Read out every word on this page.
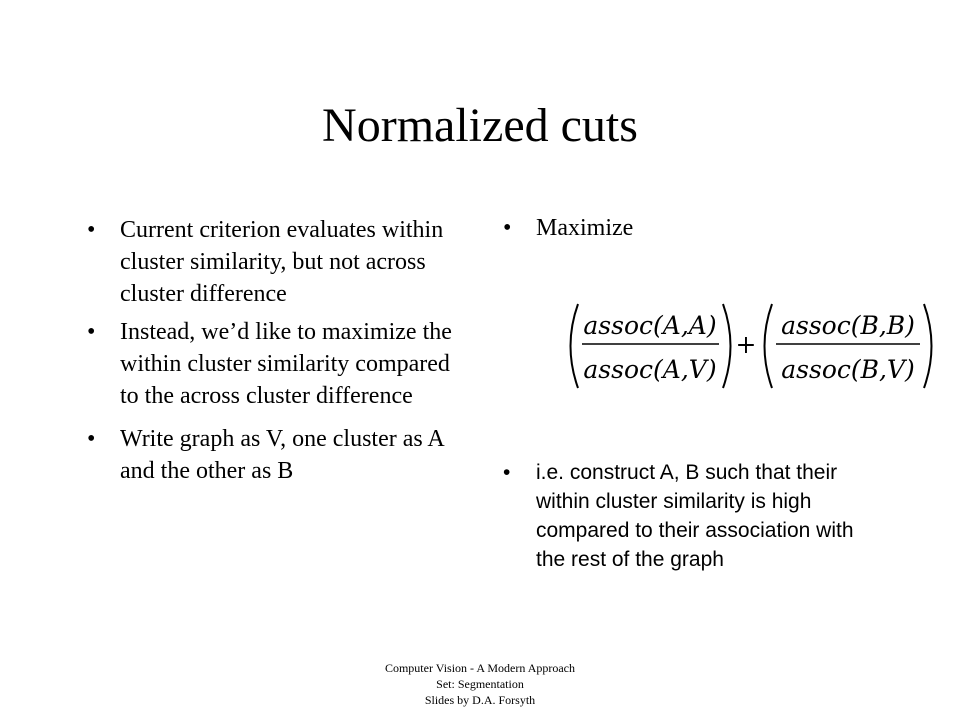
Normalized cuts
• Current criterion evaluates within cluster similarity, but not across cluster difference
• Instead, we’d like to maximize the within cluster similarity compared to the across cluster difference
• Write graph as V, one cluster as A and the other as B
• Maximize
assoc(A,A)
assoc(A,V)
+
assoc(B,B)
assoc(B,V)
• i.e. construct A, B such that their within cluster similarity is high compared to their association with the rest of the graph
Computer Vision - A Modern Approach
Set: Segmentation
Slides by D.A. Forsyth
